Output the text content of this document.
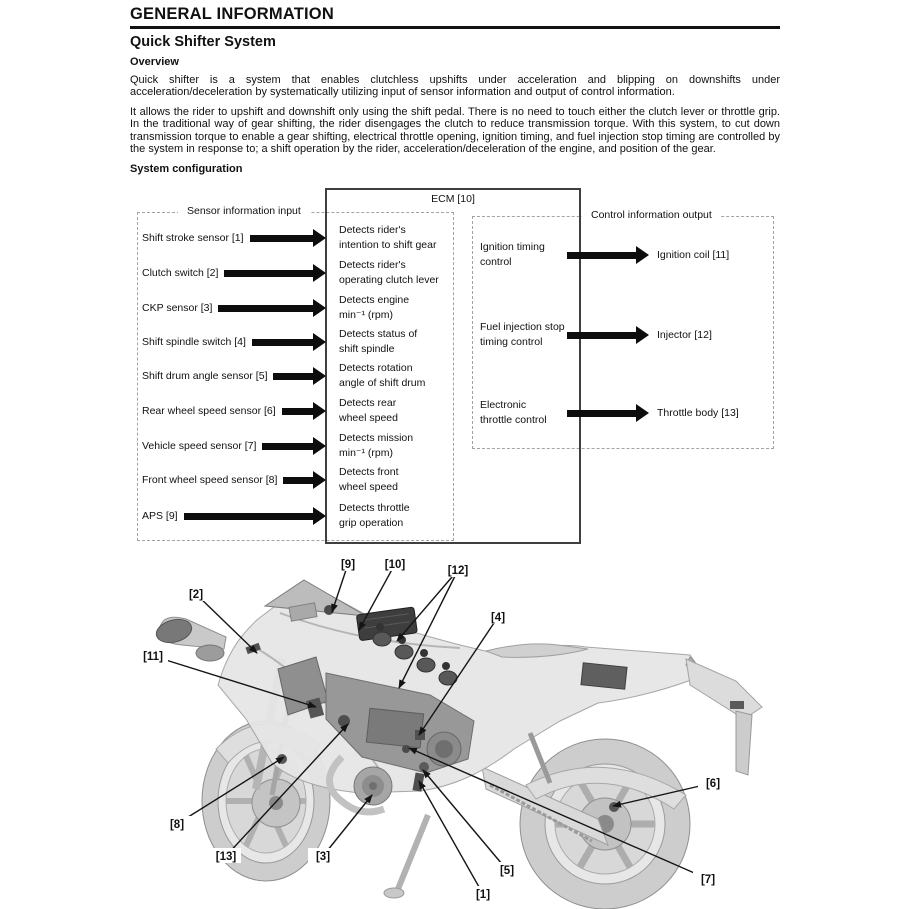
GENERAL INFORMATION
Quick Shifter System
Overview

Quick shifter is a system that enables clutchless upshifts under acceleration and blipping on downshifts under acceleration/deceleration by systematically utilizing input of sensor information and output of control information.

It allows the rider to upshift and downshift only using the shift pedal. There is no need to touch either the clutch lever or throttle grip. In the traditional way of gear shifting, the rider disengages the clutch to reduce transmission torque. With this system, to cut down transmission torque to enable a gear shifting, electrical throttle opening, ignition timing, and fuel injection stop timing are controlled by the system in response to; a shift operation by the rider, acceleration/deceleration of the engine, and position of the gear.

System configuration
ECM [10]
Sensor information input	Control information output
Shift stroke sensor [1]
Detects rider's
intention to shift gear
Clutch switch [2]
Detects rider's
operating clutch lever
CKP sensor [3]
Detects engine
min⁻¹ (rpm)
Shift spindle switch [4]
Detects status of
shift spindle
Shift drum angle sensor [5]
Detects rotation
angle of shift drum
Rear wheel speed sensor [6]
Detects rear
wheel speed
Vehicle speed sensor [7]
Detects mission
min⁻¹ (rpm)
Front wheel speed sensor [8]
Detects front
wheel speed
APS [9]
Detects throttle
grip operation
Ignition timing
control
Ignition coil [11]
Fuel injection stop
timing control
Injector [12]
Electronic
throttle control
Throttle body [13]
[1]
[2]
[3]
[4]
[5]
[6]
[7]
[8]
[9]	[10]
[11]
[12]
[13]
